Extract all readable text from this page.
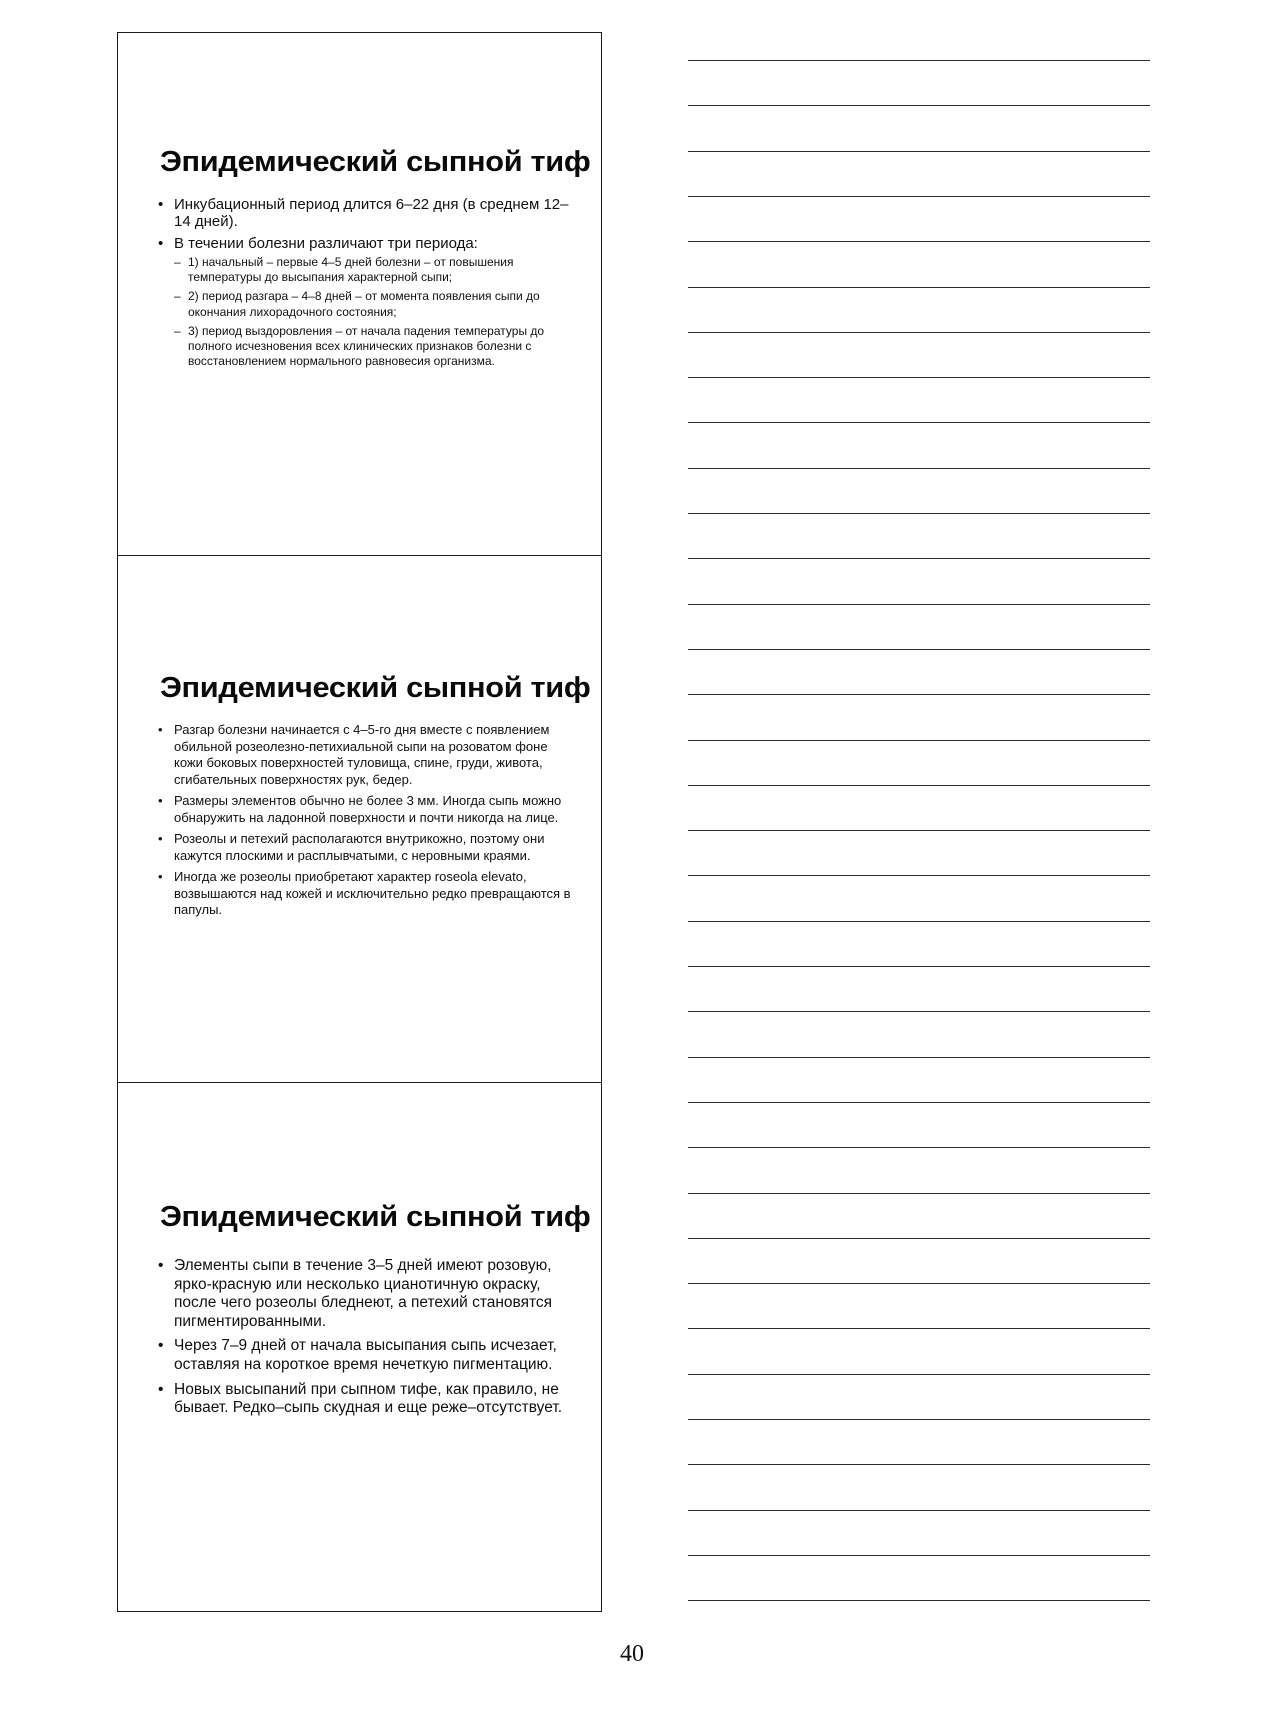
Эпидемический сыпной тиф
• Инкубационный период длится 6–22 дня (в среднем 12– 14 дней).
• В течении болезни различают три периода:
– 1) начальный – первые 4–5 дней болезни – от повышения температуры до высыпания характерной сыпи;
– 2) период разгара – 4–8 дней – от момента появления сыпи до окончания лихорадочного состояния;
– 3) период выздоровления – от начала падения температуры до полного исчезновения всех клинических признаков болезни с восстановлением нормального равновесия организма.
Эпидемический сыпной тиф
• Разгар болезни начинается с 4–5-го дня вместе с появлением обильной розеолезно-петихиальной сыпи на розоватом фоне кожи боковых поверхностей туловища, спине, груди, живота, сгибательных поверхностях рук, бедер.
• Размеры элементов обычно не более 3 мм. Иногда сыпь можно обнаружить на ладонной поверхности и почти никогда на лице.
• Розеолы и петехий располагаются внутрикожно, поэтому они кажутся плоскими и расплывчатыми, с неровными краями.
• Иногда же розеолы приобретают характер roseola elevato, возвышаются над кожей и исключительно редко превращаются в папулы.
Эпидемический сыпной тиф
• Элементы сыпи в течение 3–5 дней имеют розовую, ярко-красную или несколько цианотичную окраску, после чего розеолы бледнеют, а петехий становятся пигментированными.
• Через 7–9 дней от начала высыпания сыпь исчезает, оставляя на короткое время нечеткую пигментацию.
• Новых высыпаний при сыпном тифе, как правило, не бывает. Редко–сыпь скудная и еще реже–отсутствует.
40
